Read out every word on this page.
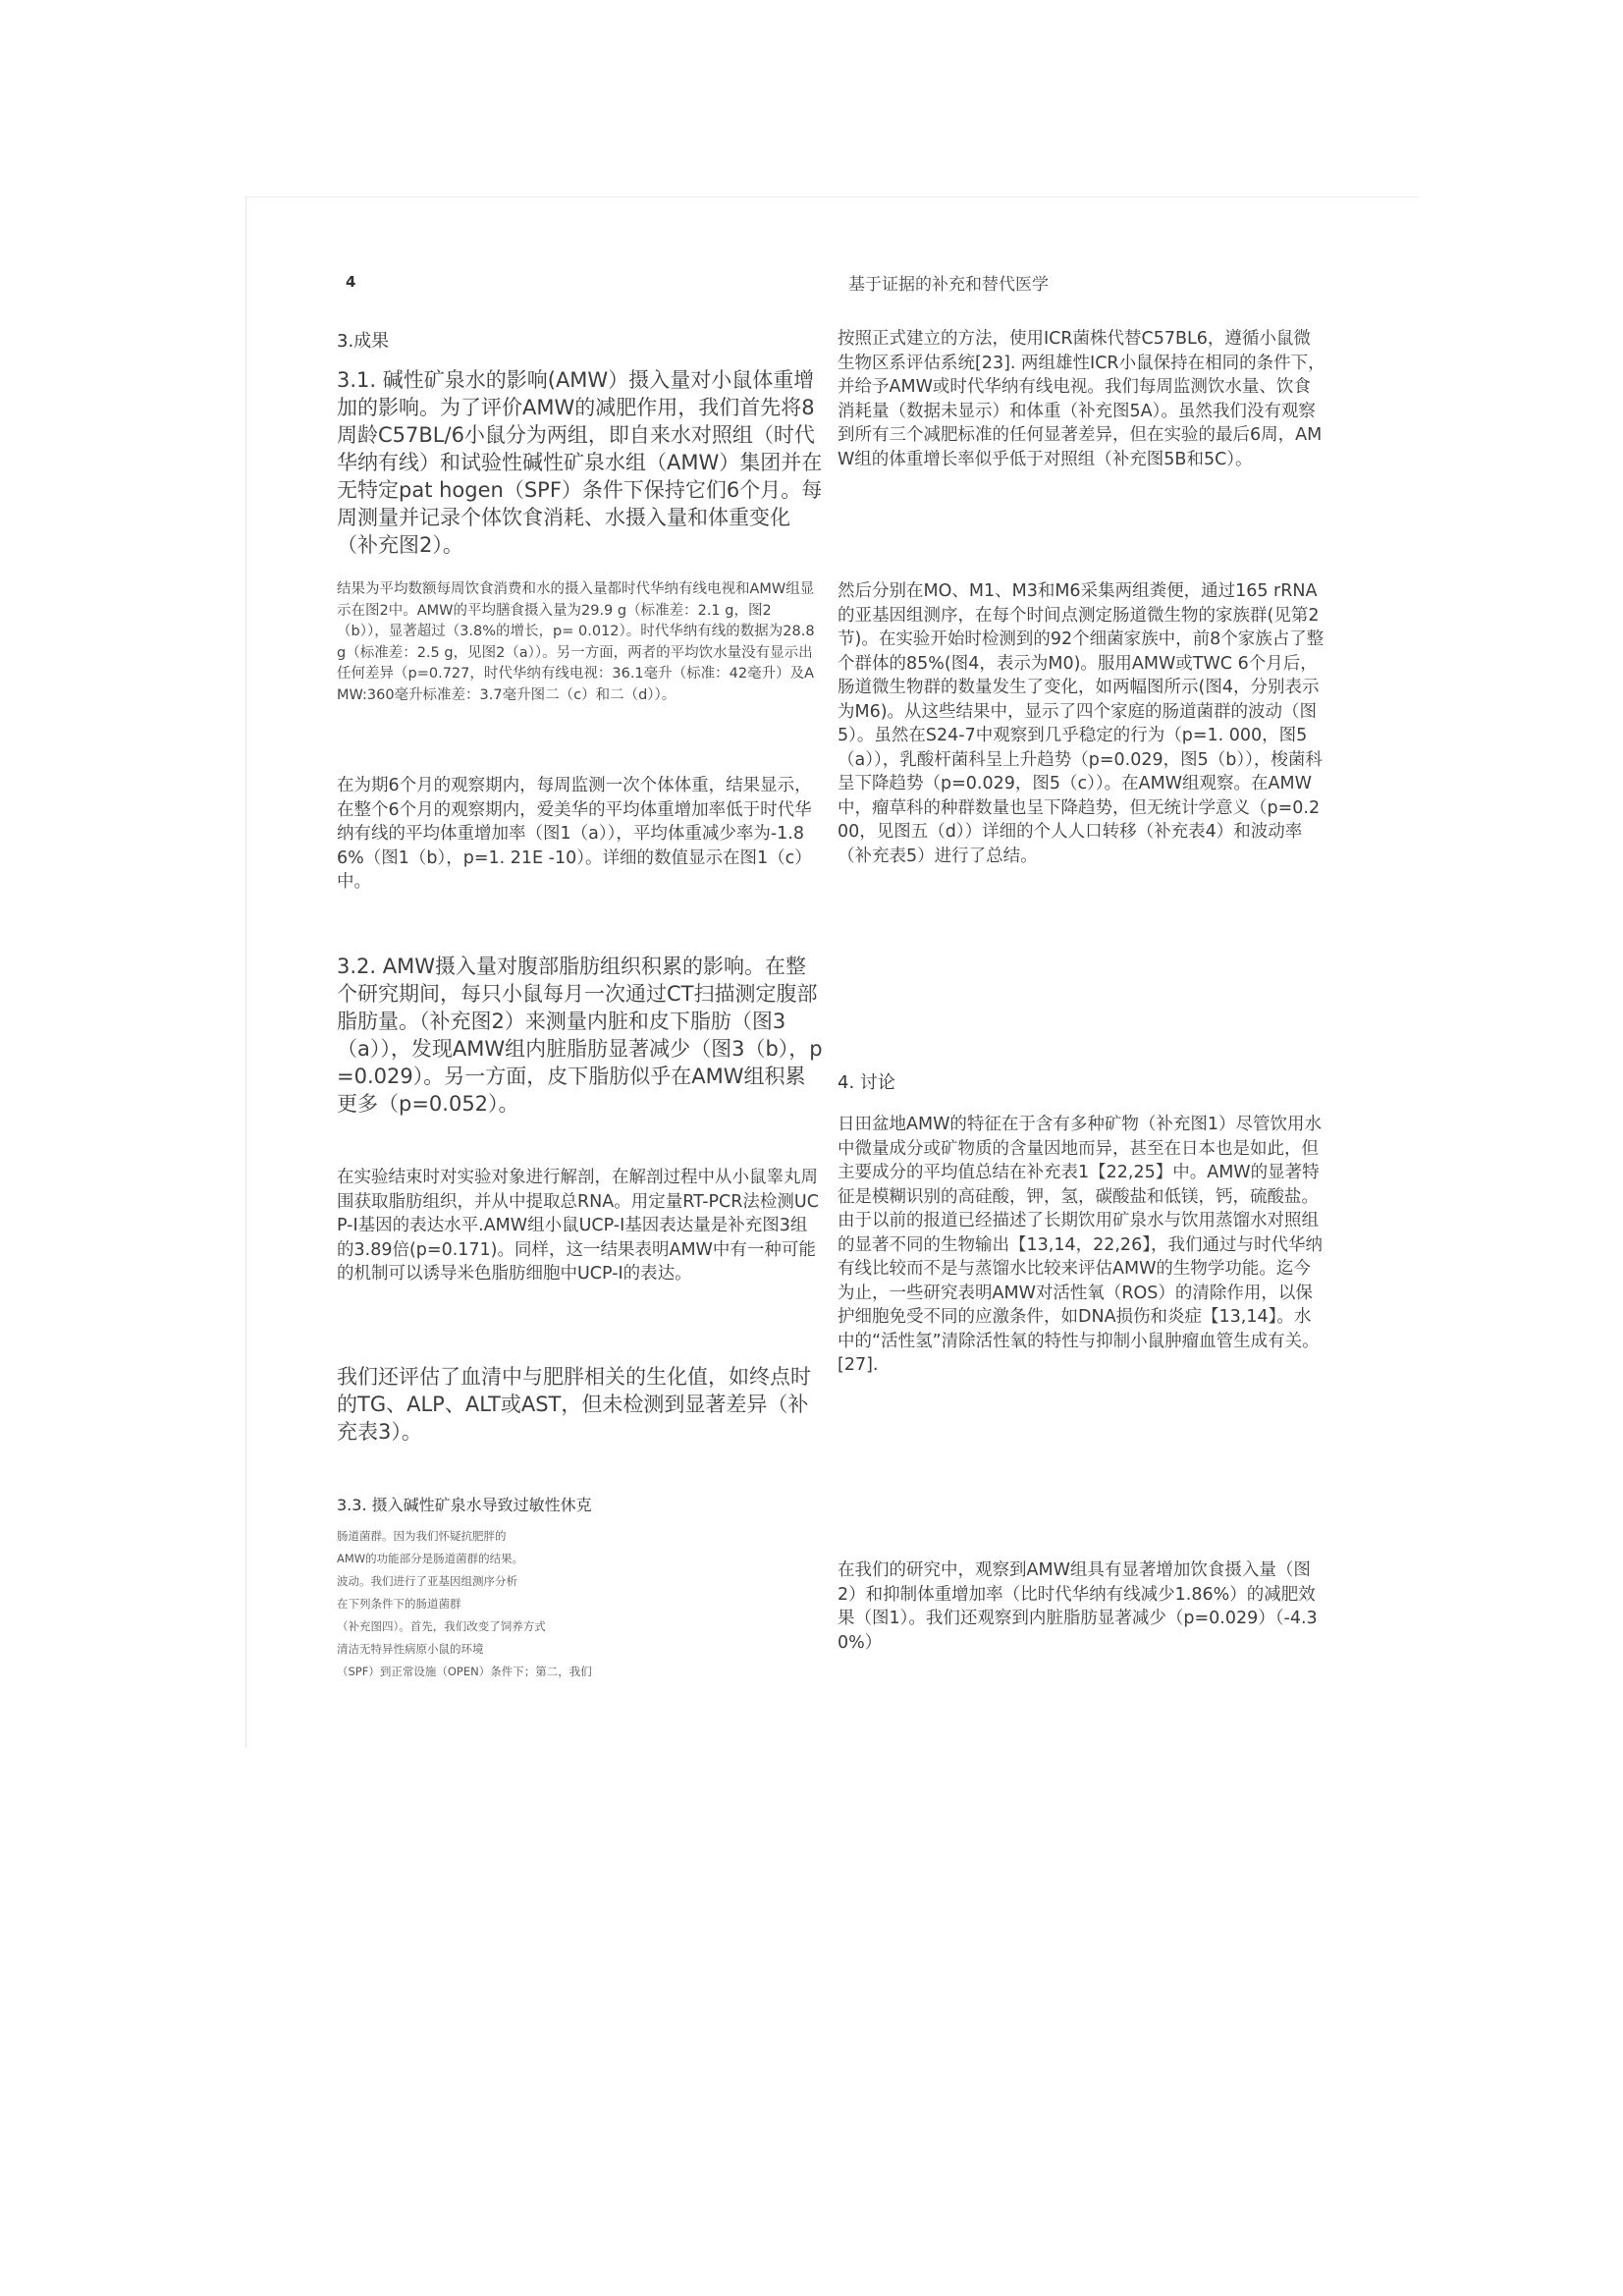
4	基于证据的补充和替代医学
3.成果
3.1. 碱性矿泉水的影响(AMW）摄入量对小鼠体重增加的影响。为了评价AMW的减肥作用，我们首先将8周龄C57BL/6小鼠分为两组，即自来水对照组（时代华纳有线）和试验性碱性矿泉水组（AMW）集团并在无特定pat hogen（SPF）条件下保持它们6个月。每周测量并记录个体饮食消耗、水摄入量和体重变化（补充图2）。
结果为平均数额每周饮食消费和水的摄入量都时代华纳有线电视和AMW组显示在图2中。AMW的平均膳食摄入量为29.9 g（标准差：2.1 g，图2（b）），显著超过（3.8%的增长，p= 0.012）。时代华纳有线的数据为28.8 g（标准差：2.5 g，见图2（a））。另一方面，两者的平均饮水量没有显示出任何差异（p=0.727，时代华纳有线电视：36.1毫升（标准：42毫升）及AMW:360毫升标准差：3.7毫升图二（c）和二（d））。
在为期6个月的观察期内，每周监测一次个体体重，结果显示，在整个6个月的观察期内，爱美华的平均体重增加率低于时代华纳有线的平均体重增加率（图1（a）），平均体重减少率为-1.86%（图1（b），p=1. 21E -10）。详细的数值显示在图1（c）中。
3.2. AMW摄入量对腹部脂肪组织积累的影响。在整个研究期间，每只小鼠每月一次通过CT扫描测定腹部脂肪量。（补充图2）来测量内脏和皮下脂肪（图3（a）），发现AMW组内脏脂肪显著减少（图3（b），p=0.029）。另一方面，皮下脂肪似乎在AMW组积累更多（p=0.052）。
在实验结束时对实验对象进行解剖，在解剖过程中从小鼠睾丸周围获取脂肪组织，并从中提取总RNA。用定量RT-PCR法检测UCP-I基因的表达水平.AMW组小鼠UCP-I基因表达量是补充图3组的3.89倍(p=0.171)。同样，这一结果表明AMW中有一种可能的机制可以诱导米色脂肪细胞中UCP-I的表达。
我们还评估了血清中与肥胖相关的生化值，如终点时的TG、ALP、ALT或AST，但未检测到显著差异（补充表3）。
3.3. 摄入碱性矿泉水导致过敏性休克
肠道菌群。因为我们怀疑抗肥胖的
AMW的功能部分是肠道菌群的结果。
波动。我们进行了亚基因组测序分析
在下列条件下的肠道菌群
（补充图四）。首先，我们改变了饲养方式
清洁无特异性病原小鼠的环境
（SPF）到正常设施（OPEN）条件下；第二，我们
按照正式建立的方法，使用ICR菌株代替C57BL6，遵循小鼠微生物区系评估系统[23]. 两组雄性ICR小鼠保持在相同的条件下，并给予AMW或时代华纳有线电视。我们每周监测饮水量、饮食消耗量（数据未显示）和体重（补充图5A）。虽然我们没有观察到所有三个减肥标准的任何显著差异，但在实验的最后6周，AMW组的体重增长率似乎低于对照组（补充图5B和5C）。
然后分别在MO、M1、M3和M6采集两组粪便，通过165 rRNA的亚基因组测序，在每个时间点测定肠道微生物的家族群(见第2节)。在实验开始时检测到的92个细菌家族中，前8个家族占了整个群体的85%(图4，表示为M0)。服用AMW或TWC 6个月后，肠道微生物群的数量发生了变化，如两幅图所示(图4，分别表示为M6)。从这些结果中，显示了四个家庭的肠道菌群的波动（图5）。虽然在S24-7中观察到几乎稳定的行为（p=1. 000，图5（a）），乳酸杆菌科呈上升趋势（p=0.029，图5（b）），梭菌科呈下降趋势（p=0.029，图5（c））。在AMW组观察。在AMW中，瘤草科的种群数量也呈下降趋势，但无统计学意义（p=0.200，见图五（d））详细的个人人口转移（补充表4）和波动率（补充表5）进行了总结。
4. 讨论
日田盆地AMW的特征在于含有多种矿物（补充图1）尽管饮用水中微量成分或矿物质的含量因地而异，甚至在日本也是如此，但主要成分的平均值总结在补充表1【22,25】中。AMW的显著特征是模糊识别的高硅酸，钾，氢，碳酸盐和低镁，钙，硫酸盐。由于以前的报道已经描述了长期饮用矿泉水与饮用蒸馏水对照组的显著不同的生物输出【13,14，22,26】，我们通过与时代华纳有线比较而不是与蒸馏水比较来评估AMW的生物学功能。迄今为止，一些研究表明AMW对活性氧（ROS）的清除作用，以保护细胞免受不同的应激条件，如DNA损伤和炎症【13,14】。水中的“活性氢”清除活性氧的特性与抑制小鼠肿瘤血管生成有关。[27].
在我们的研究中，观察到AMW组具有显著增加饮食摄入量（图2）和抑制体重增加率（比时代华纳有线减少1.86%）的减肥效果（图1）。我们还观察到内脏脂肪显著减少（p=0.029）（-4.30%）
